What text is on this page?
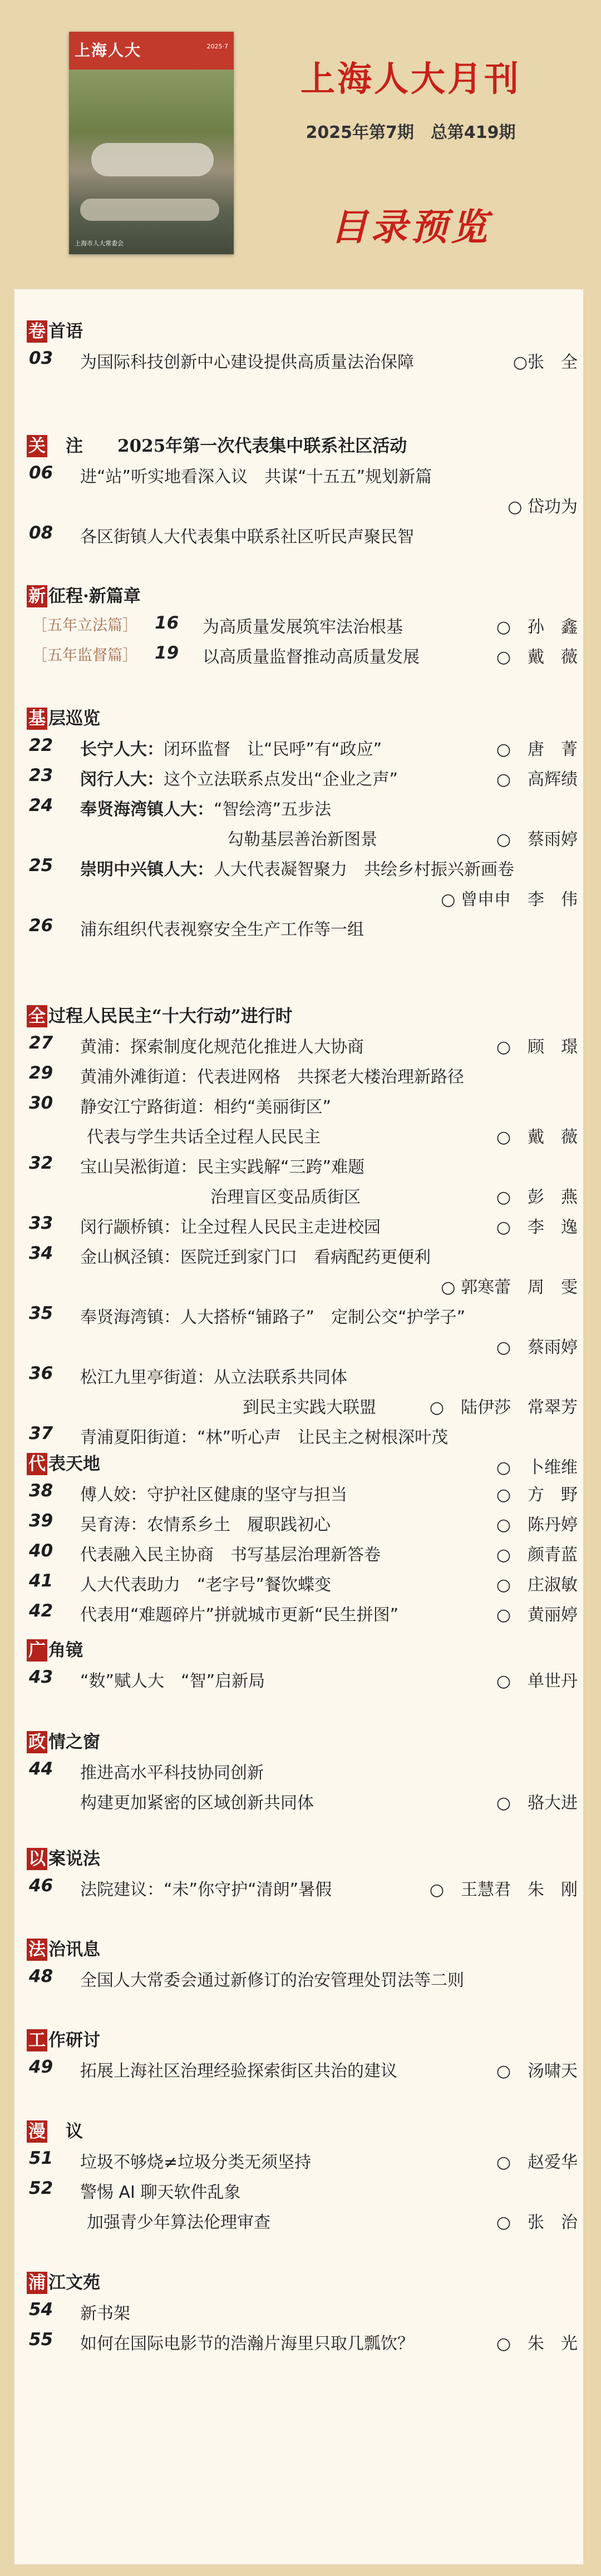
上海人大	2025·7
上海市人大常委会
上海人大月刊
2025年第7期　总第419期
目录预览
卷 首语
03 为国际科技创新中心建设提供高质量法治保障	○张　全
关 　注　　2025年第一次代表集中联系社区活动
06 进“站”听实地看深入议　共谋“十五五”规划新篇
○ 岱功为
08 各区街镇人大代表集中联系社区听民声聚民智
新 征程·新篇章
［五年立法篇］ 16 为高质量发展筑牢法治根基	○　孙　鑫
［五年监督篇］ 19 以高质量监督推动高质量发展	○　戴　薇
基 层巡览
22 长宁人大：闭环监督　让“民呼”有“政应”	○　唐　菁
23 闵行人大：这个立法联系点发出“企业之声”	○　高辉绩
24 奉贤海湾镇人大：“智绘湾”五步法
勾勒基层善治新图景	○　蔡雨婷
25 崇明中兴镇人大：人大代表凝智聚力　共绘乡村振兴新画卷
○ 曾申申　李　伟
26 浦东组织代表视察安全生产工作等一组
全 过程人民民主“十大行动”进行时
27 黄浦：探索制度化规范化推进人大协商	○　顾　璟
29 黄浦外滩街道：代表进网格　共探老大楼治理新路径
30 静安江宁路街道：相约“美丽街区”
代表与学生共话全过程人民民主	○　戴　薇
32 宝山吴淞街道：民主实践解“三跨”难题
治理盲区变品质街区	○　彭　燕
33 闵行颛桥镇：让全过程人民民主走进校园	○　李　逸
34 金山枫泾镇：医院迁到家门口　看病配药更便利
○ 郭寒蕾　周　雯
35 奉贤海湾镇：人大搭桥“铺路子”　定制公交“护学子”
○　蔡雨婷
36 松江九里亭街道：从立法联系共同体
到民主实践大联盟	○　陆伊莎　常翠芳
37 青浦夏阳街道：“林”听心声　让民主之树根深叶茂
○　卜维维
代 表天地
38 傅人姣：守护社区健康的坚守与担当	○　方　野
39 吴育涛：农情系乡土　履职践初心	○　陈丹婷
40 代表融入民主协商　书写基层治理新答卷	○　颜青蓝
41 人大代表助力　“老字号”餐饮蝶变	○　庄淑敏
42 代表用“难题碎片”拼就城市更新“民生拼图”	○　黄丽婷
广 角镜
43 “数”赋人大　“智”启新局	○　单世丹
政 情之窗
44 推进高水平科技协同创新
构建更加紧密的区域创新共同体	○　骆大进
以 案说法
46 法院建议：“未”你守护“清朗”暑假	○　王慧君　朱　刚
法 治讯息
48 全国人大常委会通过新修订的治安管理处罚法等二则
工 作研讨
49 拓展上海社区治理经验探索街区共治的建议	○　汤啸天
漫 　议
51 垃圾不够烧≠垃圾分类无须坚持	○　赵爱华
52 警惕 AI 聊天软件乱象
加强青少年算法伦理审查	○　张　治
浦 江文苑
54 新书架
55 如何在国际电影节的浩瀚片海里只取几瓢饮？	○　朱　光
